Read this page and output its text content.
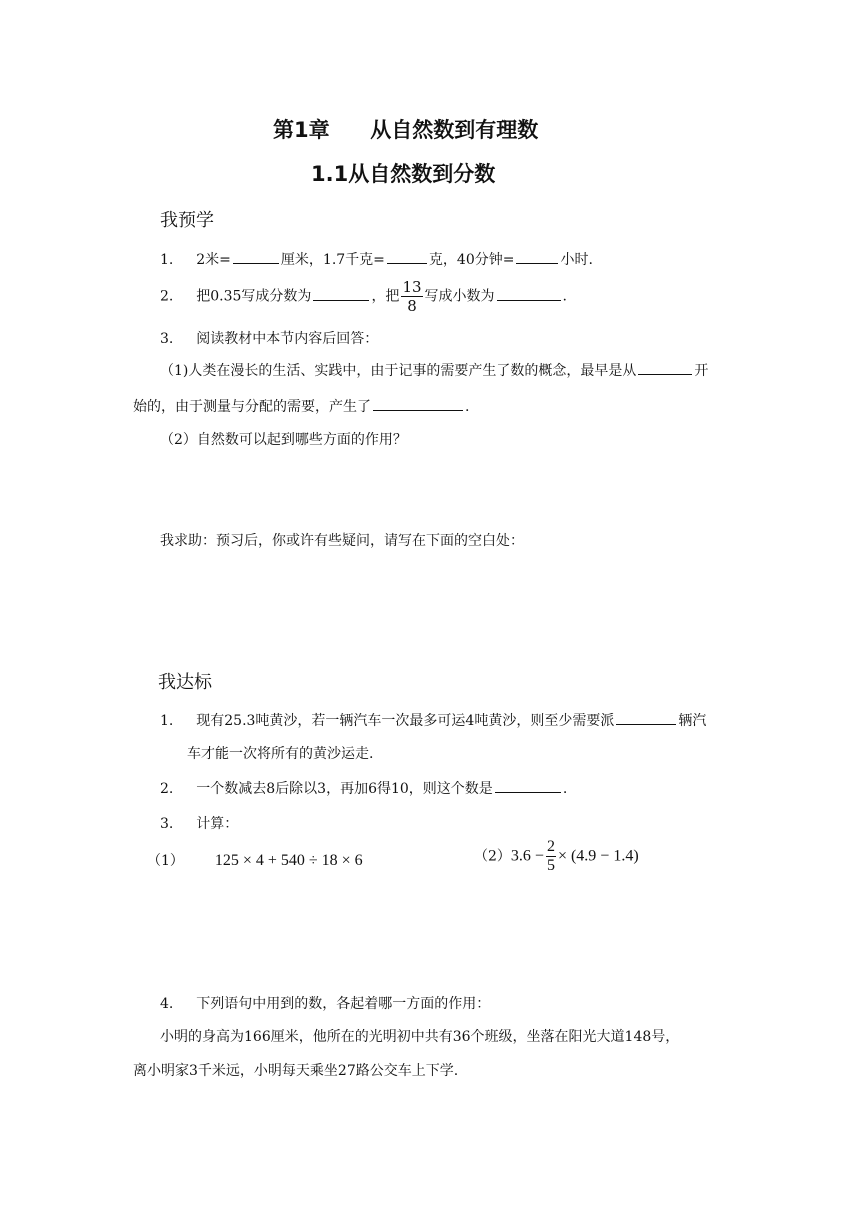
第1章 从自然数到有理数
1.1从自然数到分数
我预学
1. 2米=	厘米，1.7千克=	克，40分钟=	小时.
2. 把0.35写成分数为	，把 $\frac{13}{8}$ 写成小数为	.
3. 阅读教材中本节内容后回答：
（1)人类在漫长的生活、实践中，由于记事的需要产生了数的概念，最早是从	开
始的，由于测量与分配的需要，产生了	.
（2）自然数可以起到哪些方面的作用？
我求助：预习后，你或许有些疑问，请写在下面的空白处：
我达标
1. 现有25.3吨黄沙，若一辆汽车一次最多可运4吨黄沙，则至少需要派	辆汽
车才能一次将所有的黄沙运走.
2. 一个数减去8后除以3，再加6得10，则这个数是	.
3. 计算：
（1） 125 × 4 + 540 ÷ 18 × 6	$(2)3.6 - \frac{2}{5} \times (4.9 - 1.4)$
4. 下列语句中用到的数，各起着哪一方面的作用：
小明的身高为166厘米，他所在的光明初中共有36个班级，坐落在阳光大道148号，
离小明家3千米远，小明每天乘坐27路公交车上下学.
